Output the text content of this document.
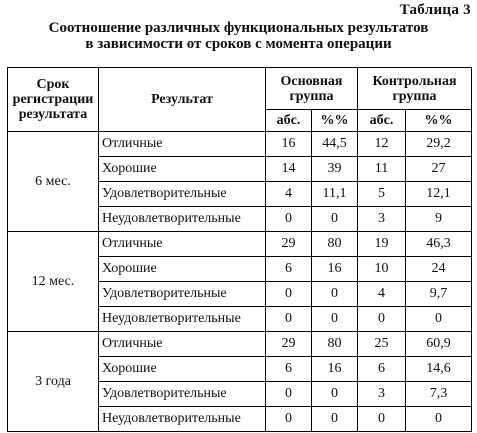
Таблица 3
Соотношение различных функциональных результатов
в зависимости от сроков с момента операции
Срок регистрации результата	Результат	Основная группа		Контрольная группа	
		абс.	%%	абс.	%%
6 мес.	Отличные	16	44,5	12	29,2
	Хорошие	14	39	11	27
	Удовлетворительные	4	11,1	5	12,1
	Неудовлетворительные	0	0	3	9
12 мес.	Отличные	29	80	19	46,3
	Хорошие	6	16	10	24
	Удовлетворительные	0	0	4	9,7
	Неудовлетворительные	0	0	0	0
3 года	Отличные	29	80	25	60,9
	Хорошие	6	16	6	14,6
	Удовлетворительные	0	0	3	7,3
	Неудовлетворительные	0	0	0	0
